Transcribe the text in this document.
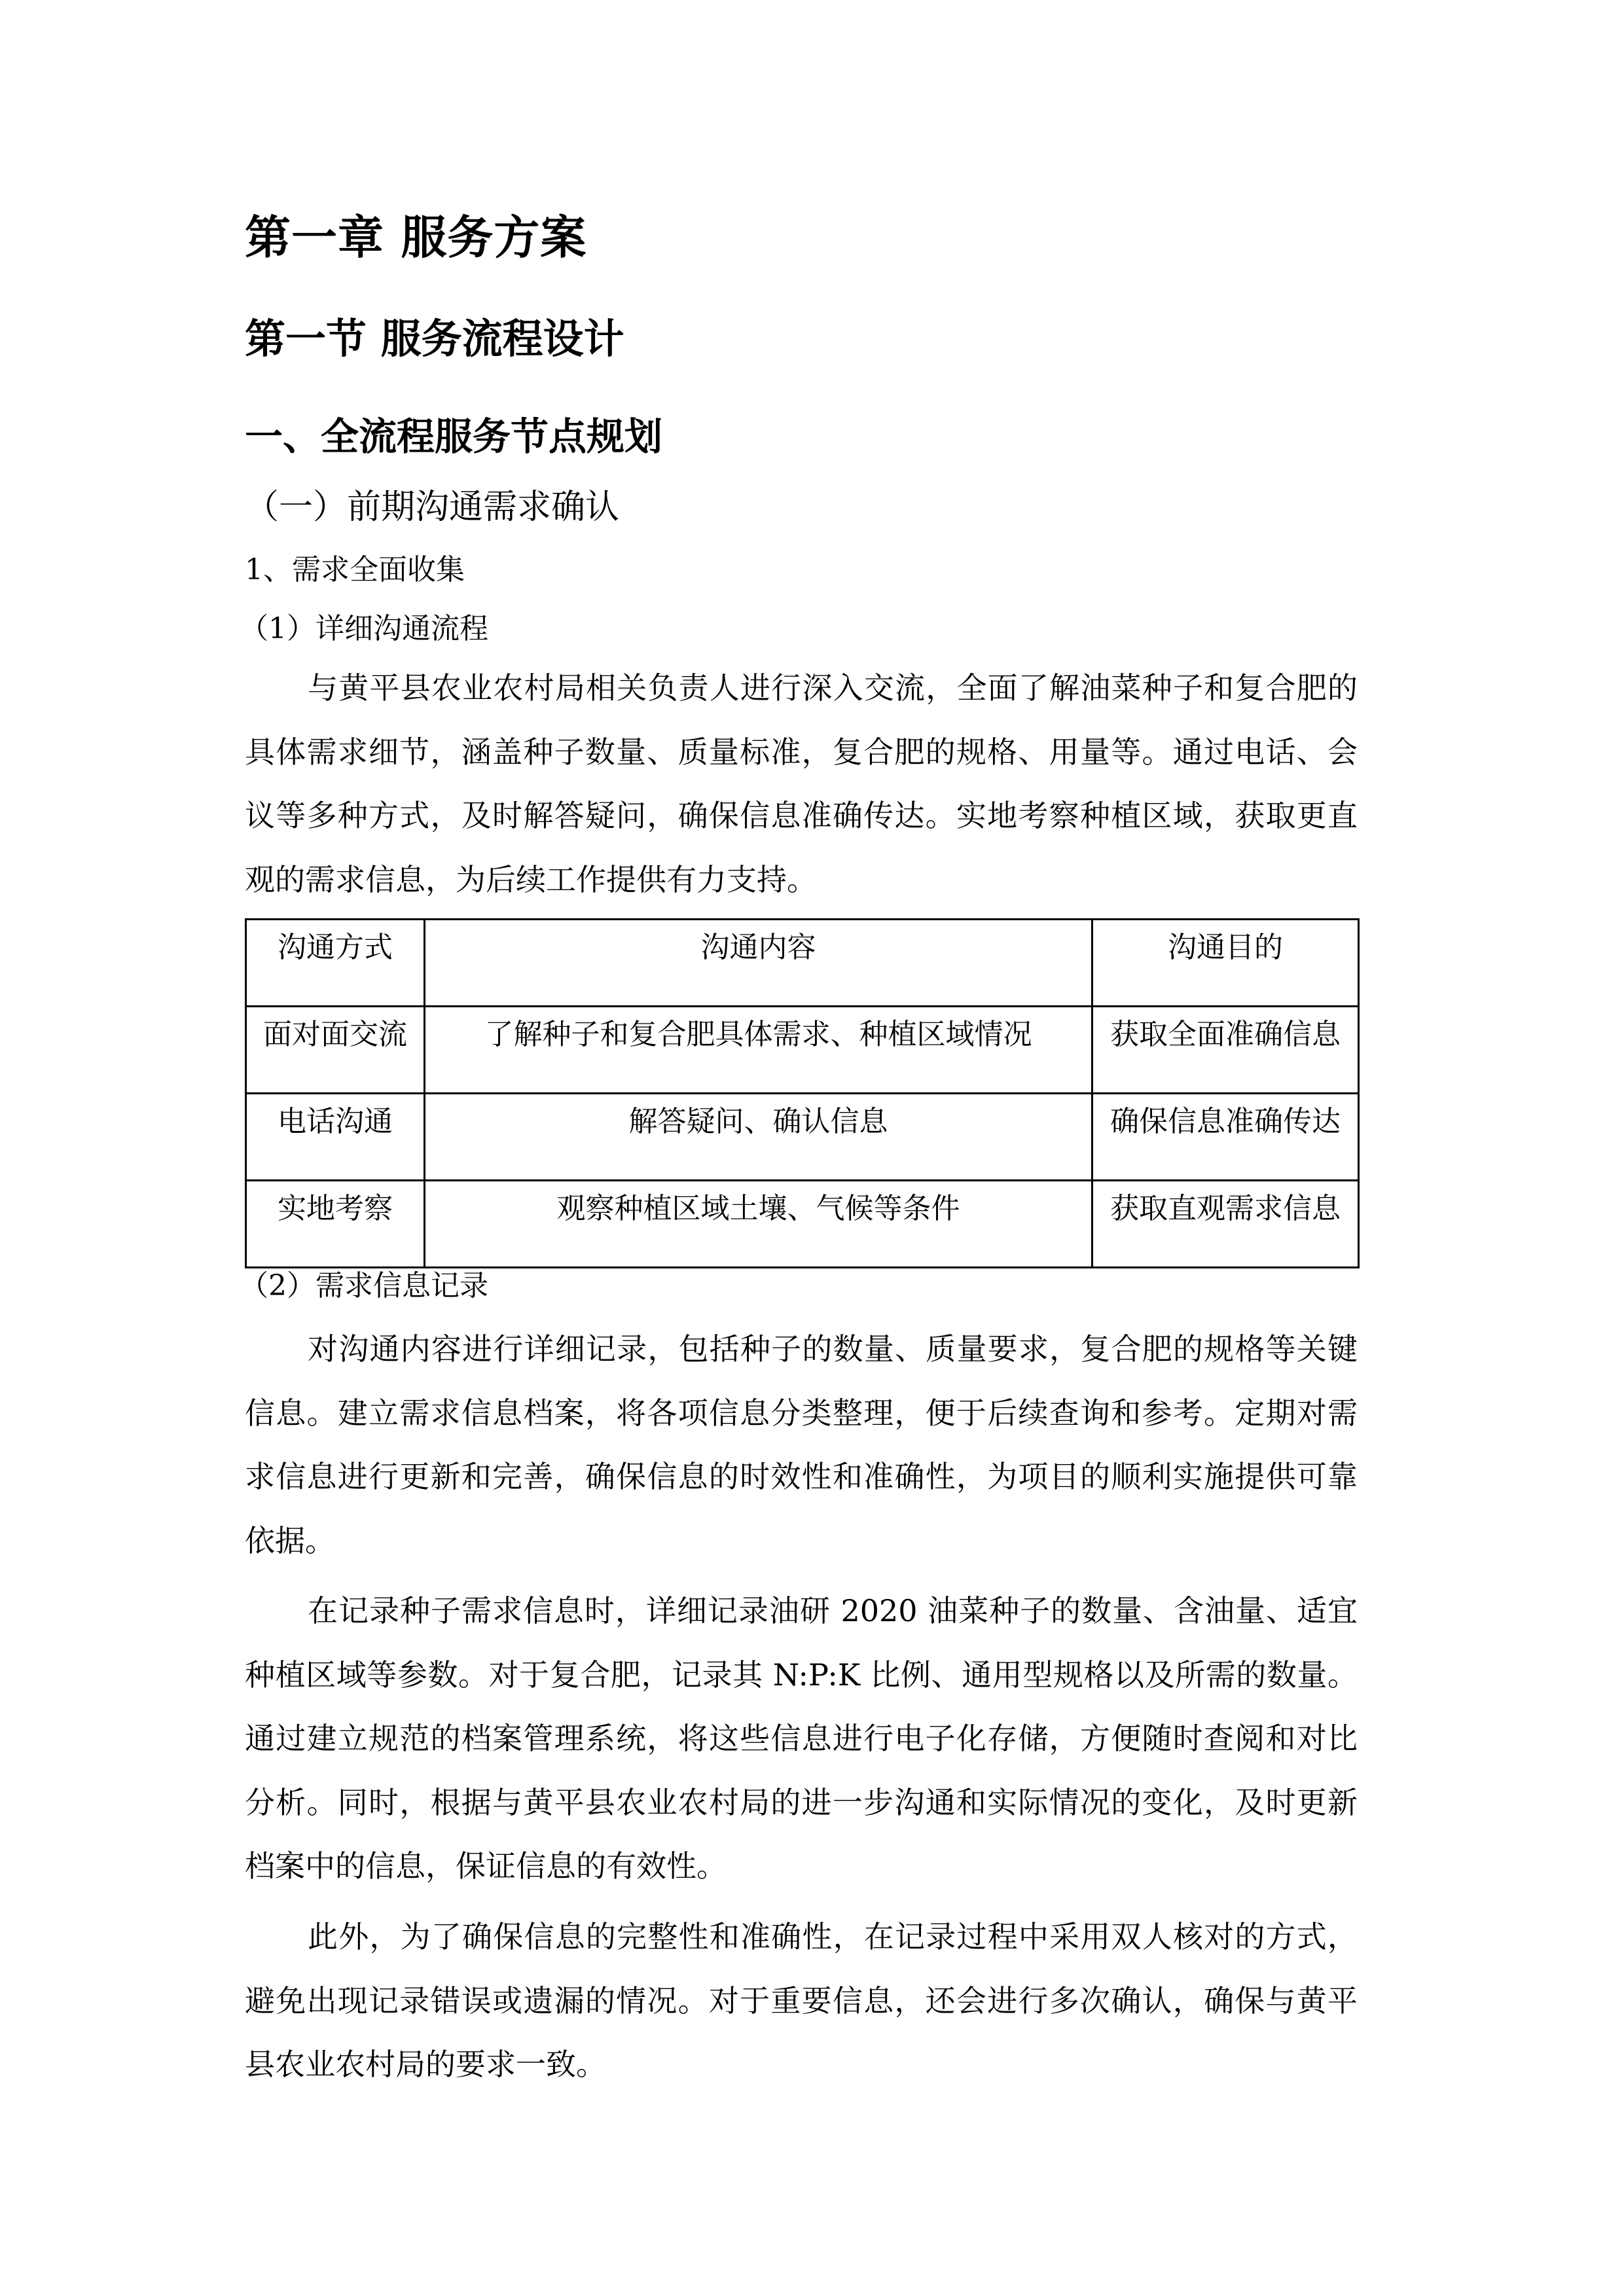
第一章 服务方案
第一节 服务流程设计
一、全流程服务节点规划
（一）前期沟通需求确认
1、需求全面收集
（1）详细沟通流程

与黄平县农业农村局相关负责人进行深入交流，全面了解油菜种子和复合肥的具体需求细节，涵盖种子数量、质量标准，复合肥的规格、用量等。通过电话、会议等多种方式，及时解答疑问，确保信息准确传达。实地考察种植区域，获取更直观的需求信息，为后续工作提供有力支持。

沟通方式	沟通内容	沟通目的
面对面交流	了解种子和复合肥具体需求、种植区域情况	获取全面准确信息
电话沟通	解答疑问、确认信息	确保信息准确传达
实地考察	观察种植区域土壤、气候等条件	获取直观需求信息
（2）需求信息记录

对沟通内容进行详细记录，包括种子的数量、质量要求，复合肥的规格等关键信息。建立需求信息档案，将各项信息分类整理，便于后续查询和参考。定期对需求信息进行更新和完善，确保信息的时效性和准确性，为项目的顺利实施提供可靠依据。

在记录种子需求信息时，详细记录油研 2020 油菜种子的数量、含油量、适宜种植区域等参数。对于复合肥，记录其 N:P:K 比例、通用型规格以及所需的数量。通过建立规范的档案管理系统，将这些信息进行电子化存储，方便随时查阅和对比分析。同时，根据与黄平县农业农村局的进一步沟通和实际情况的变化，及时更新档案中的信息，保证信息的有效性。

此外，为了确保信息的完整性和准确性，在记录过程中采用双人核对的方式，避免出现记录错误或遗漏的情况。对于重要信息，还会进行多次确认，确保与黄平县农业农村局的要求一致。
